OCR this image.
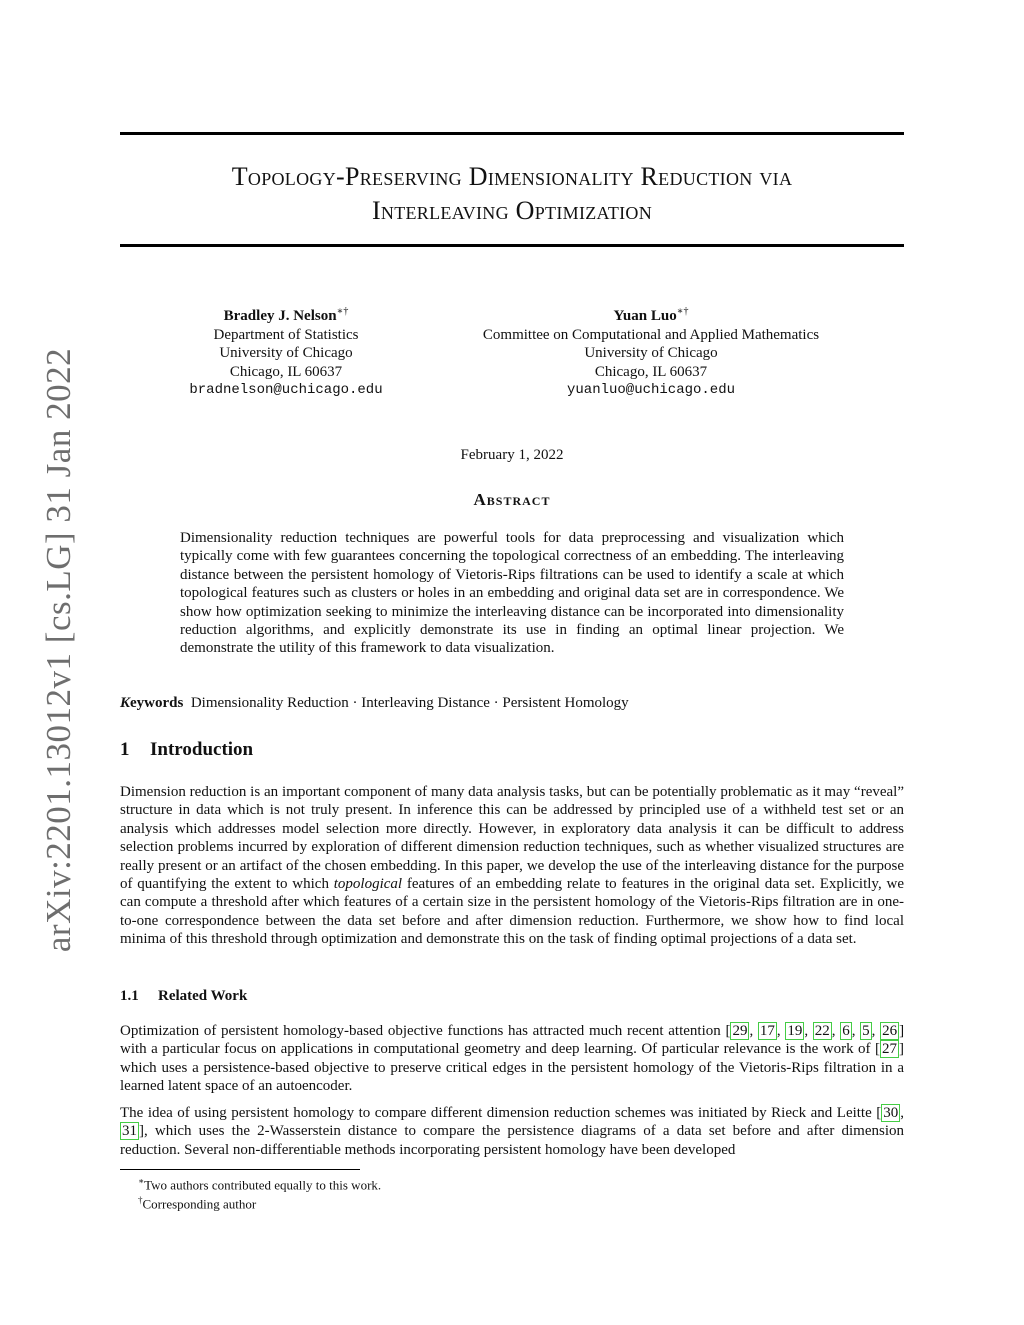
arXiv:2201.13012v1 [cs.LG] 31 Jan 2022
Topology-Preserving Dimensionality Reduction via
Interleaving Optimization
Bradley J. Nelson∗†
Department of Statistics
University of Chicago
Chicago, IL 60637
bradnelson@uchicago.edu
Yuan Luo∗†
Committee on Computational and Applied Mathematics
University of Chicago
Chicago, IL 60637
yuanluo@uchicago.edu
February 1, 2022
Abstract
Dimensionality reduction techniques are powerful tools for data preprocessing and visualization which typically come with few guarantees concerning the topological correctness of an embedding. The interleaving distance between the persistent homology of Vietoris-Rips filtrations can be used to identify a scale at which topological features such as clusters or holes in an embedding and original data set are in correspondence. We show how optimization seeking to minimize the interleaving distance can be incorporated into dimensionality reduction algorithms, and explicitly demonstrate its use in finding an optimal linear projection. We demonstrate the utility of this framework to data visualization.
Keywords Dimensionality Reduction · Interleaving Distance · Persistent Homology
1 Introduction
Dimension reduction is an important component of many data analysis tasks, but can be potentially problematic as it may “reveal” structure in data which is not truly present. In inference this can be addressed by principled use of a withheld test set or an analysis which addresses model selection more directly. However, in exploratory data analysis it can be difficult to address selection problems incurred by exploration of different dimension reduction techniques, such as whether visualized structures are really present or an artifact of the chosen embedding. In this paper, we develop the use of the interleaving distance for the purpose of quantifying the extent to which topological features of an embedding relate to features in the original data set. Explicitly, we can compute a threshold after which features of a certain size in the persistent homology of the Vietoris-Rips filtration are in one-to-one correspondence between the data set before and after dimension reduction. Furthermore, we show how to find local minima of this threshold through optimization and demonstrate this on the task of finding optimal projections of a data set.
1.1 Related Work
Optimization of persistent homology-based objective functions has attracted much recent attention [ 29 , 17 , 19 , 22 , 6 , 5 , 26 ] with a particular focus on applications in computational geometry and deep learning. Of particular relevance is the work of [ 27 ] which uses a persistence-based objective to preserve critical edges in the persistent homology of the Vietoris-Rips filtration in a learned latent space of an autoencoder.
The idea of using persistent homology to compare different dimension reduction schemes was initiated by Rieck and Leitte [ 30 , 31 ], which uses the 2-Wasserstein distance to compare the persistence diagrams of a data set before and after dimension reduction. Several non-differentiable methods incorporating persistent homology have been developed
∗Two authors contributed equally to this work.
†Corresponding author
